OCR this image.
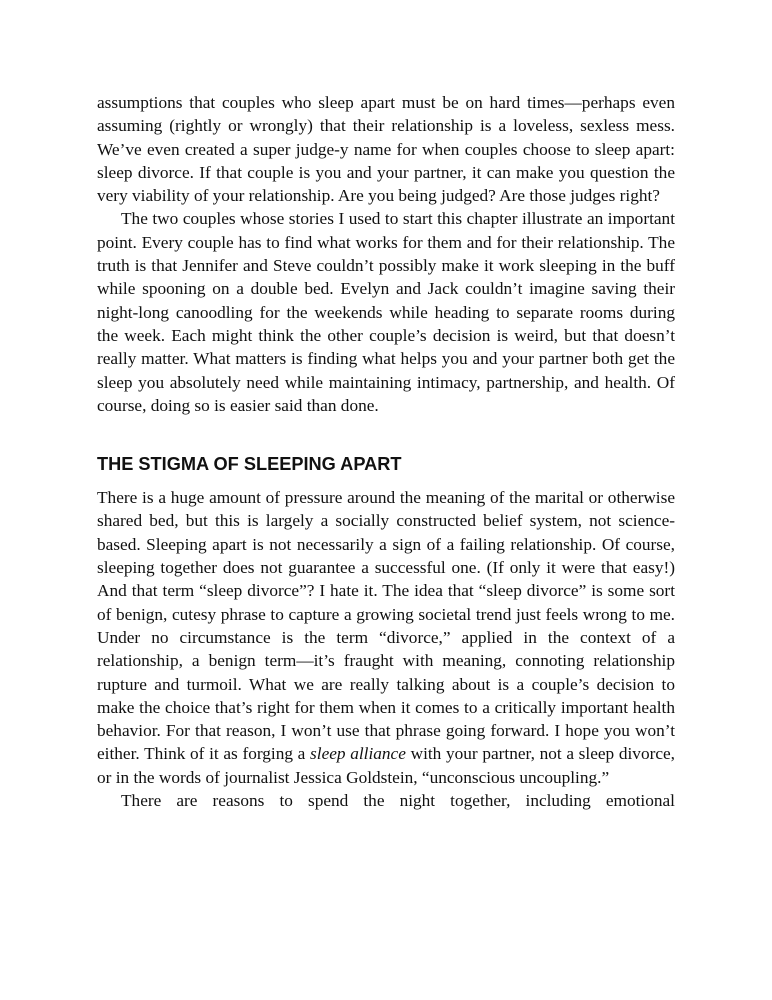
assumptions that couples who sleep apart must be on hard times—perhaps even assuming (rightly or wrongly) that their relationship is a loveless, sexless mess. We’ve even created a super judge-y name for when couples choose to sleep apart: sleep divorce. If that couple is you and your partner, it can make you question the very viability of your relationship. Are you being judged? Are those judges right?

The two couples whose stories I used to start this chapter illustrate an important point. Every couple has to find what works for them and for their relationship. The truth is that Jennifer and Steve couldn’t possibly make it work sleeping in the buff while spooning on a double bed. Evelyn and Jack couldn’t imagine saving their night-long canoodling for the weekends while heading to separate rooms during the week. Each might think the other couple’s decision is weird, but that doesn’t really matter. What matters is finding what helps you and your partner both get the sleep you absolutely need while maintaining intimacy, partnership, and health. Of course, doing so is easier said than done.

THE STIGMA OF SLEEPING APART

There is a huge amount of pressure around the meaning of the marital or otherwise shared bed, but this is largely a socially constructed belief system, not science-based. Sleeping apart is not necessarily a sign of a failing relationship. Of course, sleeping together does not guarantee a successful one. (If only it were that easy!) And that term “sleep divorce”? I hate it. The idea that “sleep divorce” is some sort of benign, cutesy phrase to capture a growing societal trend just feels wrong to me. Under no circumstance is the term “divorce,” applied in the context of a relationship, a benign term—it’s fraught with meaning, connoting relationship rupture and turmoil. What we are really talking about is a couple’s decision to make the choice that’s right for them when it comes to a critically important health behavior. For that reason, I won’t use that phrase going forward. I hope you won’t either. Think of it as forging a sleep alliance with your partner, not a sleep divorce, or in the words of journalist Jessica Goldstein, “unconscious uncoupling.”

There are reasons to spend the night together, including emotional
